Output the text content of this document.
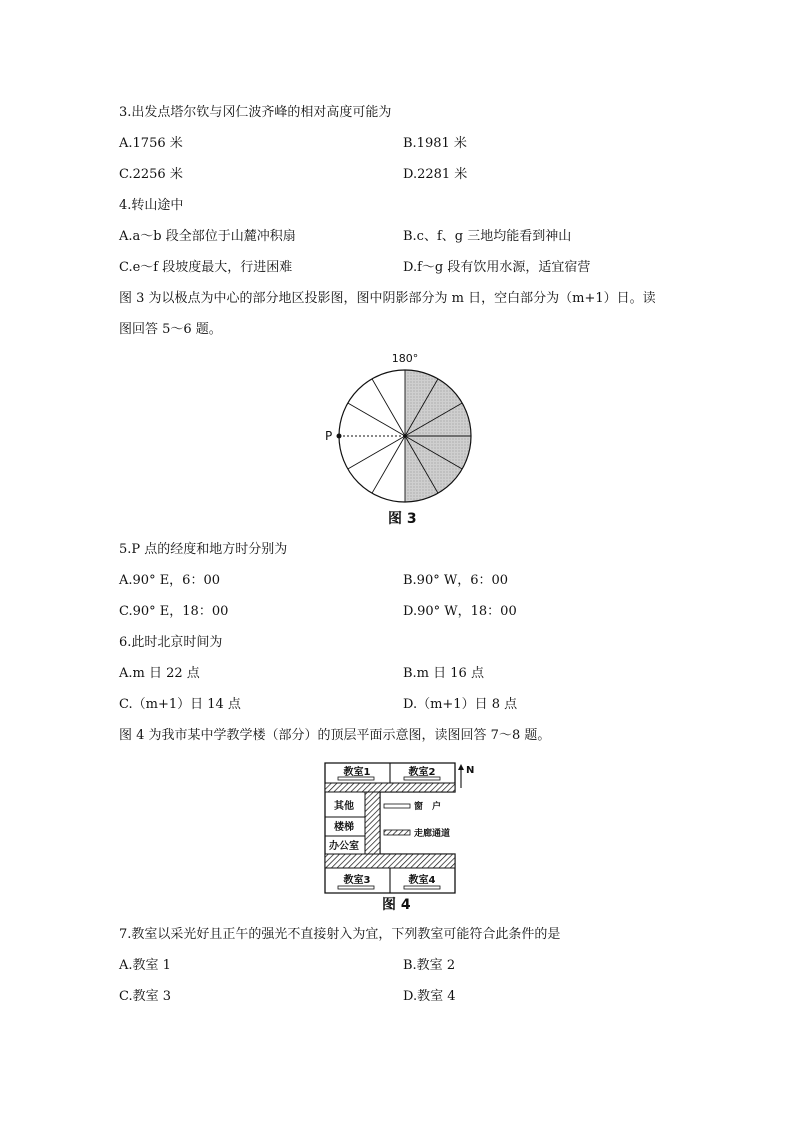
3.出发点塔尔钦与冈仁波齐峰的相对高度可能为
A.1756 米	B.1981 米
C.2256 米	D.2281 米
4.转山途中
A.a～b 段全部位于山麓冲积扇	B.c、f、g 三地均能看到神山
C.e～f 段坡度最大，行进困难	D.f～g 段有饮用水源，适宜宿营
图 3 为以极点为中心的部分地区投影图，图中阴影部分为 m 日，空白部分为（m+1）日。读
图回答 5～6 题。
P
180°
图 3
5.P 点的经度和地方时分别为
A.90° E，6：00	B.90° W，6：00
C.90° E，18：00	D.90° W，18：00
6.此时北京时间为
A.m 日 22 点	B.m 日 16 点
C.（m+1）日 14 点	D.（m+1）日 8 点
图 4 为我市某中学教学楼（部分）的顶层平面示意图，读图回答 7～8 题。
教室1	教室2
其他
楼梯
办公室
教室3	教室4
N
窗　户
走廊通道
图 4
7.教室以采光好且正午的强光不直接射入为宜，下列教室可能符合此条件的是
A.教室 1	B.教室 2
C.教室 3	D.教室 4
